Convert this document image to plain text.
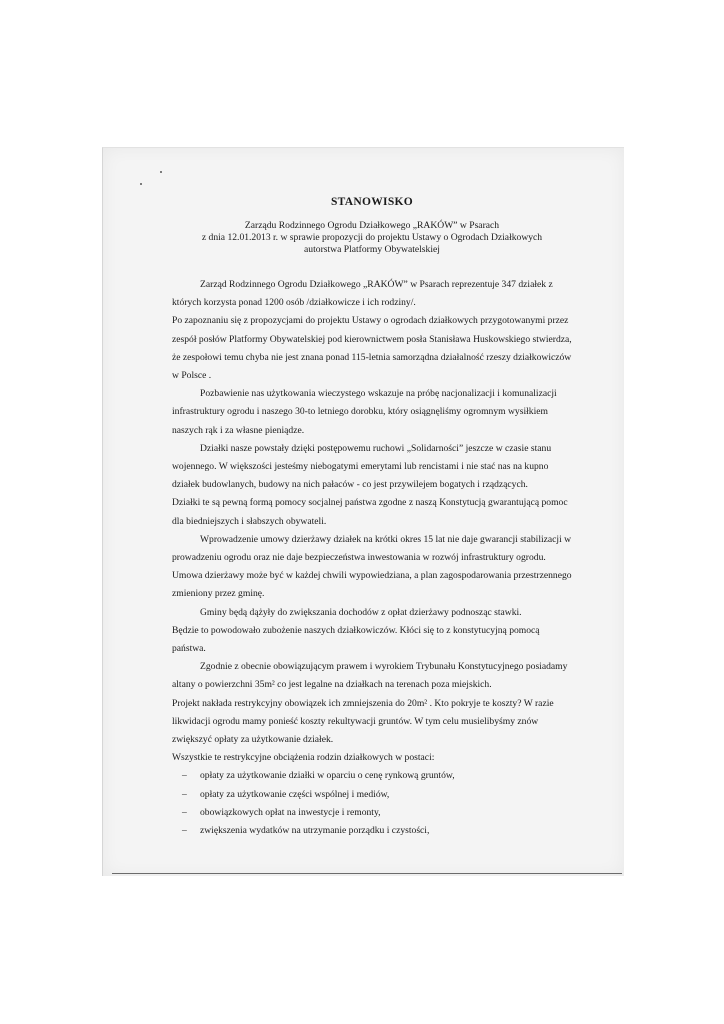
STANOWISKO
Zarządu Rodzinnego Ogrodu Działkowego „RAKÓW” w Psarach
z dnia 12.01.2013 r. w sprawie propozycji do projektu Ustawy o Ogrodach Działkowych
autorstwa Platformy Obywatelskiej

Zarząd Rodzinnego Ogrodu Działkowego „RAKÓW” w Psarach reprezentuje 347 działek z których korzysta ponad 1200 osób /działkowicze i ich rodziny/.

Po zapoznaniu się z propozycjami do projektu Ustawy o ogrodach działkowych przygotowanymi przez zespół posłów Platformy Obywatelskiej pod kierownictwem posła Stanisława Huskowskiego stwierdza, że zespołowi temu chyba nie jest znana ponad 115-letnia samorządna działalność rzeszy działkowiczów w Polsce .

Pozbawienie nas użytkowania wieczystego wskazuje na próbę nacjonalizacji i komunalizacji infrastruktury ogrodu i naszego 30-to letniego dorobku, który osiągnęliśmy ogromnym wysiłkiem naszych rąk i za własne pieniądze.

Działki nasze powstały dzięki postępowemu ruchowi „Solidarności” jeszcze w czasie stanu wojennego. W większości jesteśmy niebogatymi emerytami lub rencistami i nie stać nas na kupno działek budowlanych, budowy na nich pałaców - co jest przywilejem bogatych i rządzących.

Działki te są pewną formą pomocy socjalnej państwa zgodne z naszą Konstytucją gwarantującą pomoc dla biedniejszych i słabszych obywateli.

Wprowadzenie umowy dzierżawy działek na krótki okres 15 lat nie daje gwarancji stabilizacji w prowadzeniu ogrodu oraz nie daje bezpieczeństwa inwestowania w rozwój infrastruktury ogrodu.

Umowa dzierżawy może być w każdej chwili wypowiedziana, a plan zagospodarowania przestrzennego zmieniony przez gminę.

Gminy będą dążyły do zwiększania dochodów z opłat dzierżawy podnosząc stawki.

Będzie to powodowało zubożenie naszych działkowiczów. Kłóci się to z konstytucyjną pomocą państwa.

Zgodnie z obecnie obowiązującym prawem i wyrokiem Trybunału Konstytucyjnego posiadamy altany o powierzchni 35m² co jest legalne na działkach na terenach poza miejskich.

Projekt nakłada restrykcyjny obowiązek ich zmniejszenia do 20m² . Kto pokryje te koszty? W razie likwidacji ogrodu mamy ponieść koszty rekultywacji gruntów. W tym celu musielibyśmy znów zwiększyć opłaty za użytkowanie działek.

Wszystkie te restrykcyjne obciążenia rodzin działkowych w postaci:

– opłaty za użytkowanie działki w oparciu o cenę rynkową gruntów,
– opłaty za użytkowanie części wspólnej i mediów,
– obowiązkowych opłat na inwestycje i remonty,
– zwiększenia wydatków na utrzymanie porządku i czystości,
